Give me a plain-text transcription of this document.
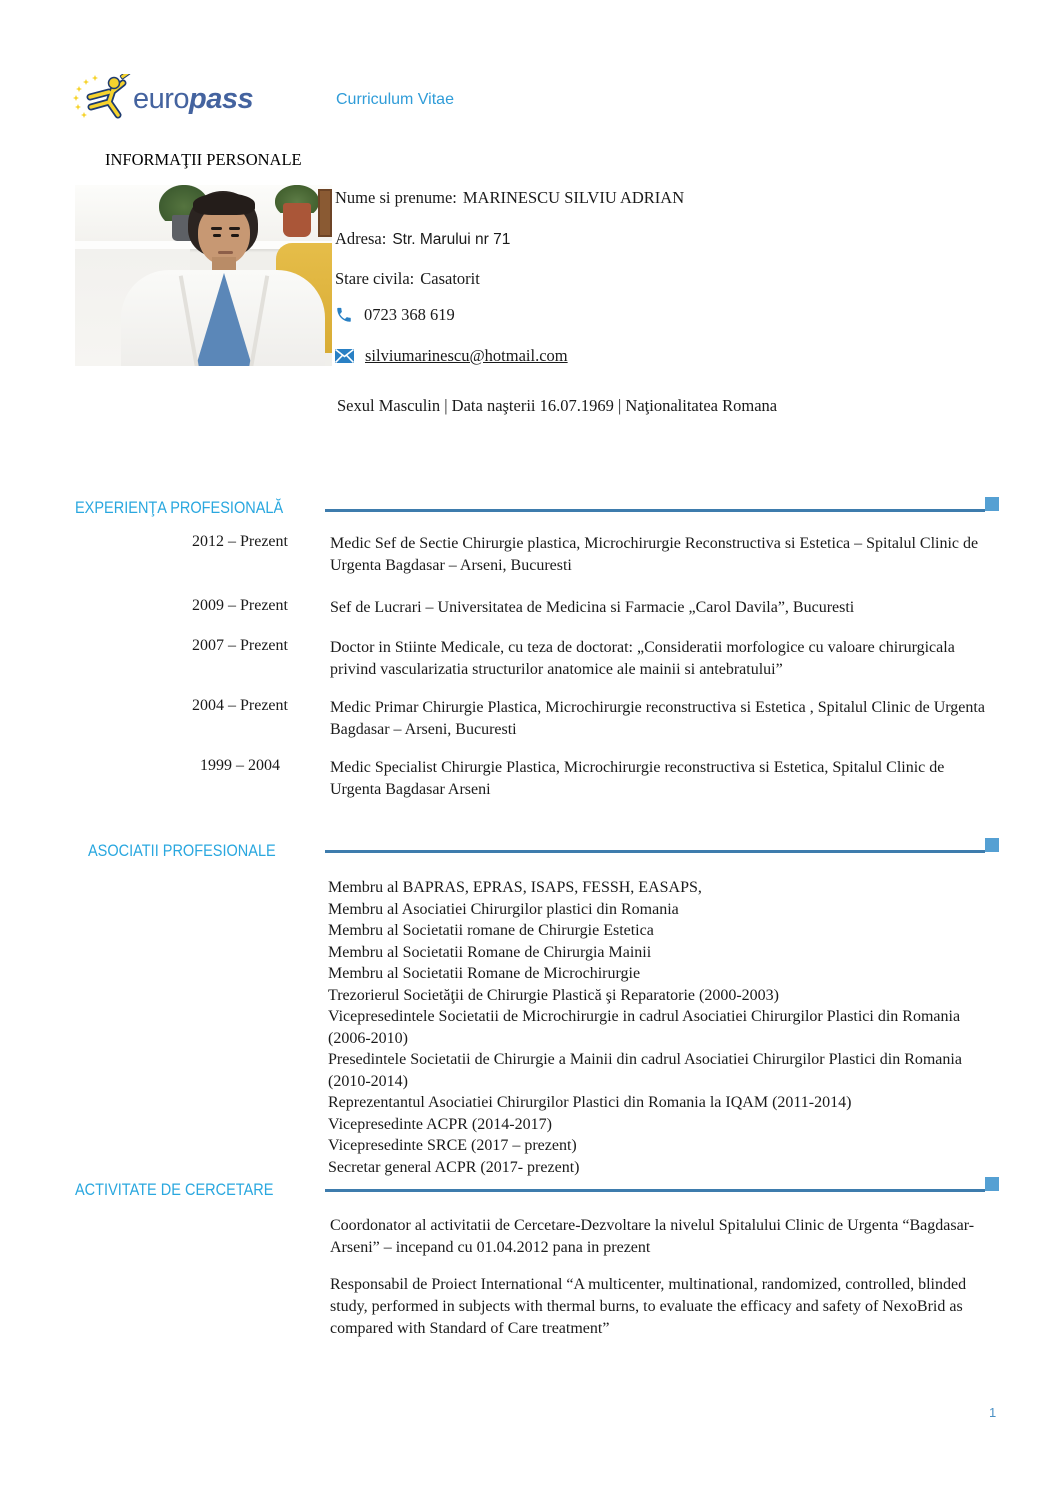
europass	Curriculum Vitae
INFORMAŢII PERSONALE
Nume si prenume: MARINESCU SILVIU ADRIAN
Adresa: Str. Marului nr 71
Stare civila: Casatorit
0723 368 619
silviumarinescu@hotmail.com
Sexul Masculin | Data naşterii 16.07.1969 | Naţionalitatea Romana
EXPERIENŢA PROFESIONALĂ
2012 – Prezent	Medic Sef de Sectie Chirurgie plastica, Microchirurgie Reconstructiva si Estetica – Spitalul Clinic de Urgenta Bagdasar – Arseni, Bucuresti
2009 – Prezent	Sef de Lucrari – Universitatea de Medicina si Farmacie „Carol Davila”, Bucuresti
2007 – Prezent	Doctor in Stiinte Medicale, cu teza de doctorat: „Consideratii morfologice cu valoare chirurgicala privind vascularizatia structurilor anatomice ale mainii si antebratului”
2004 – Prezent	Medic Primar Chirurgie Plastica, Microchirurgie reconstructiva si Estetica , Spitalul Clinic de Urgenta Bagdasar – Arseni, Bucuresti
1999 – 2004	Medic Specialist Chirurgie Plastica, Microchirurgie reconstructiva si Estetica, Spitalul Clinic de Urgenta Bagdasar Arseni
ASOCIATII PROFESIONALE
Membru al BAPRAS, EPRAS, ISAPS, FESSH, EASAPS,
Membru al Asociatiei Chirurgilor plastici din Romania
Membru al Societatii romane de Chirurgie Estetica
Membru al Societatii Romane de Chirurgia Mainii
Membru al Societatii Romane de Microchirurgie
Trezorierul Societăţii de Chirurgie Plastică şi Reparatorie (2000-2003)
Vicepresedintele Societatii de Microchirurgie in cadrul Asociatiei Chirurgilor Plastici din Romania (2006-2010)
Presedintele Societatii de Chirurgie a Mainii din cadrul Asociatiei Chirurgilor Plastici din Romania (2010-2014)
Reprezentantul Asociatiei Chirurgilor Plastici din Romania la IQAM (2011-2014)
Vicepresedinte ACPR (2014-2017)
Vicepresedinte SRCE (2017 – prezent)
Secretar general ACPR (2017- prezent)
ACTIVITATE DE CERCETARE
Coordonator al activitatii de Cercetare-Dezvoltare la nivelul Spitalului Clinic de Urgenta “Bagdasar-Arseni” – incepand cu 01.04.2012 pana in prezent
Responsabil de Proiect International “A multicenter, multinational, randomized, controlled, blinded study, performed in subjects with thermal burns, to evaluate the efficacy and safety of NexoBrid as compared with Standard of Care treatment”
1
